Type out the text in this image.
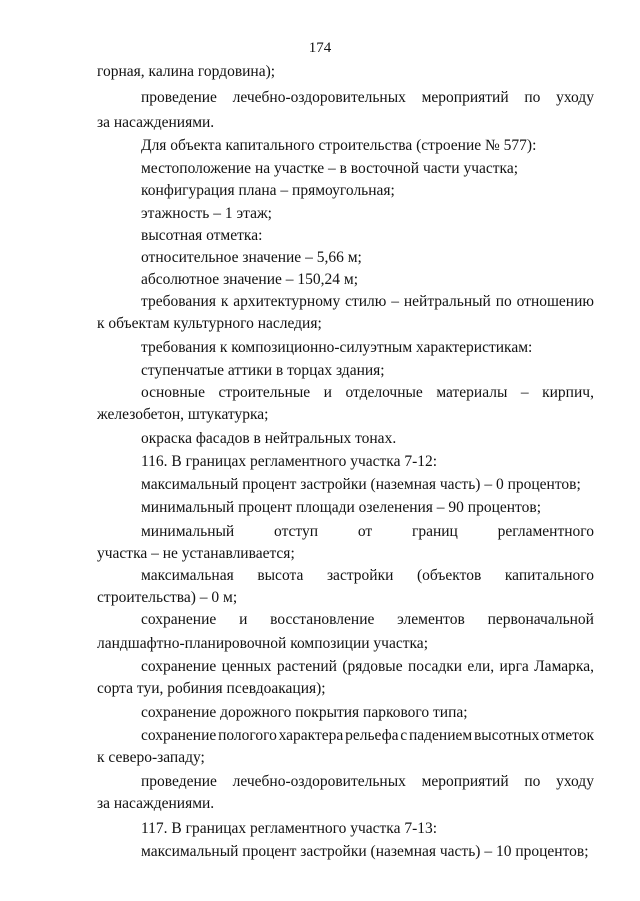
174
горная, калина гордовина);
проведение лечебно-оздоровительных мероприятий по уходу
за насаждениями.
Для объекта капитального строительства (строение № 577):
местоположение на участке – в восточной части участка;
конфигурация плана – прямоугольная;
этажность – 1 этаж;
высотная отметка:
относительное значение – 5,66 м;
абсолютное значение – 150,24 м;
требования к архитектурному стилю – нейтральный по отношению
к объектам культурного наследия;
требования к композиционно-силуэтным характеристикам:
ступенчатые аттики в торцах здания;
основные строительные и отделочные материалы – кирпич,
железобетон, штукатурка;
окраска фасадов в нейтральных тонах.
116. В границах регламентного участка 7-12:
максимальный процент застройки (наземная часть) – 0 процентов;
минимальный процент площади озеленения – 90 процентов;
минимальный	отступ	от	границ	регламентного
участка – не устанавливается;
максимальная высота застройки (объектов капитального
строительства) – 0 м;
сохранение и восстановление элементов первоначальной
ландшафтно-планировочной композиции участка;
сохранение ценных растений (рядовые посадки ели, ирга Ламарка,
сорта туи, робиния псевдоакация);
сохранение дорожного покрытия паркового типа;
сохранение пологого характера рельефа с падением высотных отметок
к северо-западу;
проведение лечебно-оздоровительных мероприятий по уходу
за насаждениями.
117. В границах регламентного участка 7-13:
максимальный процент застройки (наземная часть) – 10 процентов;
